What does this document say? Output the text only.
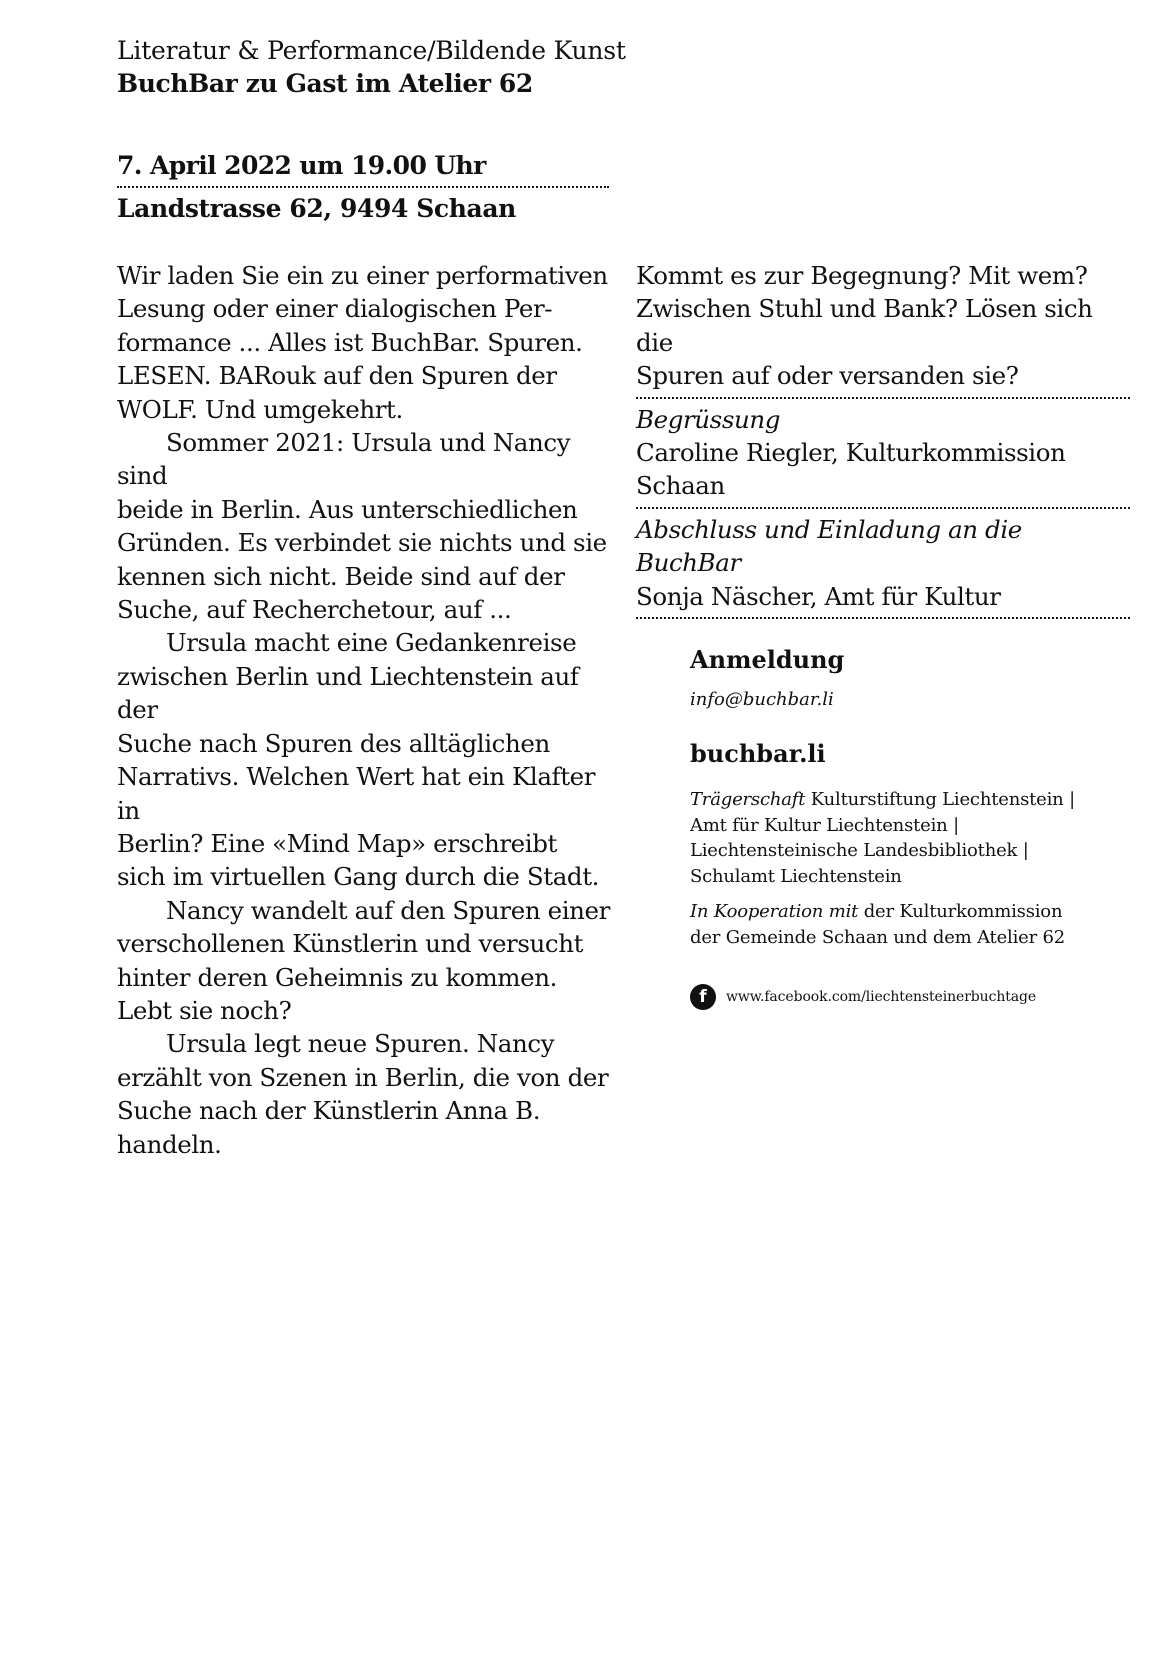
Literatur & Performance/Bildende Kunst
BuchBar zu Gast im Atelier 62
7. April 2022 um 19.00 Uhr
Landstrasse 62, 9494 Schaan

Wir laden Sie ein zu einer performativen
Lesung oder einer dialogischen Per-
formance ... Alles ist BuchBar. Spuren.
LESEN. BARouk auf den Spuren der
WOLF. Und umgekehrt.

Sommer 2021: Ursula und Nancy sind
beide in Berlin. Aus unterschiedlichen
Gründen. Es verbindet sie nichts und sie
kennen sich nicht. Beide sind auf der
Suche, auf Recherchetour, auf ...

Ursula macht eine Gedankenreise
zwischen Berlin und Liechtenstein auf der
Suche nach Spuren des alltäglichen
Narrativs. Welchen Wert hat ein Klafter in
Berlin? Eine «Mind Map» erschreibt
sich im virtuellen Gang durch die Stadt.

Nancy wandelt auf den Spuren einer
verschollenen Künstlerin und versucht
hinter deren Geheimnis zu kommen.
Lebt sie noch?

Ursula legt neue Spuren. Nancy
erzählt von Szenen in Berlin, die von der
Suche nach der Künstlerin Anna B.
handeln.

Kommt es zur Begegnung? Mit wem?
Zwischen Stuhl und Bank? Lösen sich die
Spuren auf oder versanden sie?
Begrüssung
Caroline Riegler, Kulturkommission
Schaan
Abschluss und Einladung an die BuchBar
Sonja Näscher, Amt für Kultur
Anmeldung
info@buchbar.li
buchbar.li
Trägerschaft Kulturstiftung Liechtenstein |
Amt für Kultur Liechtenstein |
Liechtensteinische Landesbibliothek |
Schulamt Liechtenstein
In Kooperation mit der Kulturkommission
der Gemeinde Schaan und dem Atelier 62
f	www.facebook.com/liechtensteinerbuchtage
